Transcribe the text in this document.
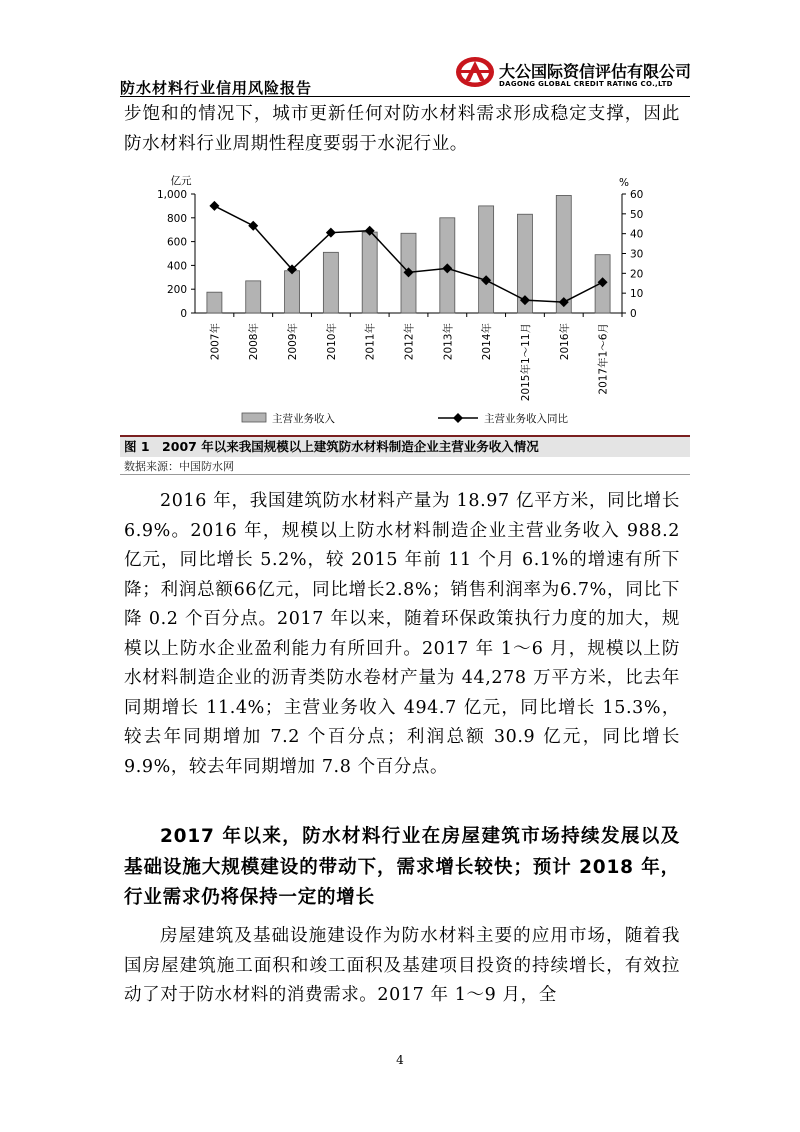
防水材料行业信用风险报告
大公国际资信评估有限公司
DAGONG GLOBAL CREDIT RATING CO.,LTD
步饱和的情况下，城市更新任何对防水材料需求形成稳定支撑，因此防水材料行业周期性程度要弱于水泥行业。
0
200
400
600
800
1,000
亿元
0
10
20
30
40
50
60
%
2007年	2008年	2009年	2010年	2011年	2012年	2013年	2014年	2015年1～11月	2016年	2017年1～6月
主营业务收入	主营业务收入同比
图 1　2007 年以来我国规模以上建筑防水材料制造企业主营业务收入情况
数据来源：中国防水网
2016 年，我国建筑防水材料产量为 18.97 亿平方米，同比增长 6.9%。2016 年，规模以上防水材料制造企业主营业务收入 988.2 亿元，同比增长 5.2%，较 2015 年前 11 个月 6.1%的增速有所下降；利润总额66亿元，同比增长2.8%；销售利润率为6.7%，同比下降 0.2 个百分点。2017 年以来，随着环保政策执行力度的加大，规模以上防水企业盈利能力有所回升。2017 年 1～6 月，规模以上防水材料制造企业的沥青类防水卷材产量为 44,278 万平方米，比去年同期增长 11.4%；主营业务收入 494.7 亿元，同比增长 15.3%，较去年同期增加 7.2 个百分点；利润总额 30.9 亿元，同比增长 9.9%，较去年同期增加 7.8 个百分点。
2017 年以来，防水材料行业在房屋建筑市场持续发展以及基础设施大规模建设的带动下，需求增长较快；预计 2018 年，行业需求仍将保持一定的增长
房屋建筑及基础设施建设作为防水材料主要的应用市场，随着我国房屋建筑施工面积和竣工面积及基建项目投资的持续增长，有效拉动了对于防水材料的消费需求。2017 年 1～9 月，全
4
